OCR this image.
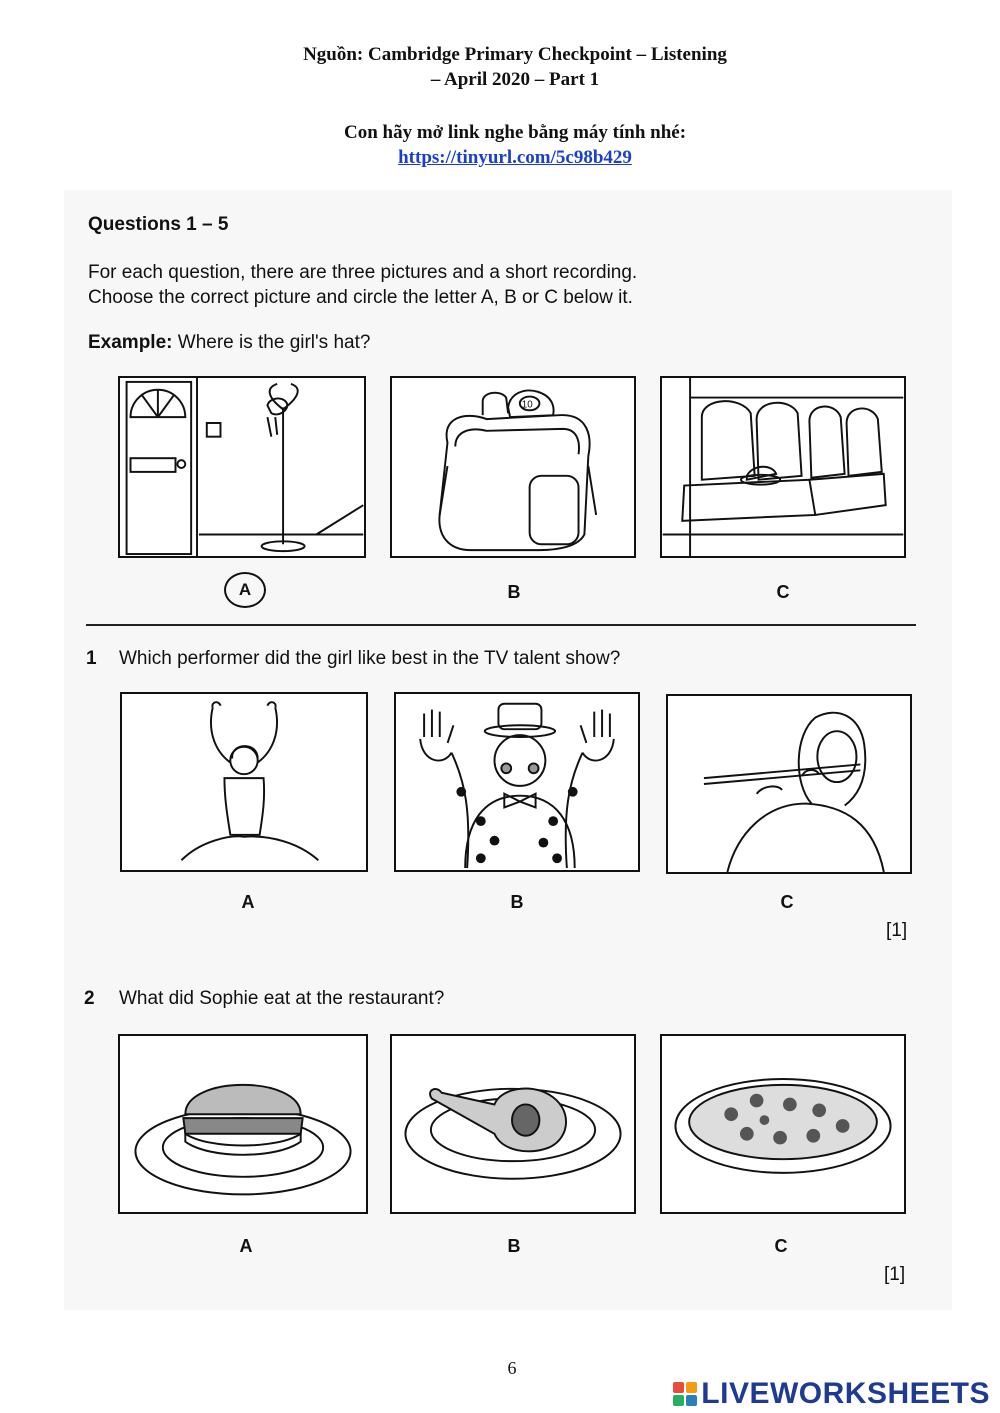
Nguồn: Cambridge Primary Checkpoint – Listening
– April 2020 – Part 1
Con hãy mở link nghe bằng máy tính nhé:
https://tinyurl.com/5c98b429
Questions 1 – 5
For each question, there are three pictures and a short recording.
Choose the correct picture and circle the letter A, B or C below it.
Example: Where is the girl's hat?
10
A	B	C
1 Which performer did the girl like best in the TV talent show?
A	B	C
[1]
2 What did Sophie eat at the restaurant?
A	B	C
[1]
6
LIVEWORKSHEETS
